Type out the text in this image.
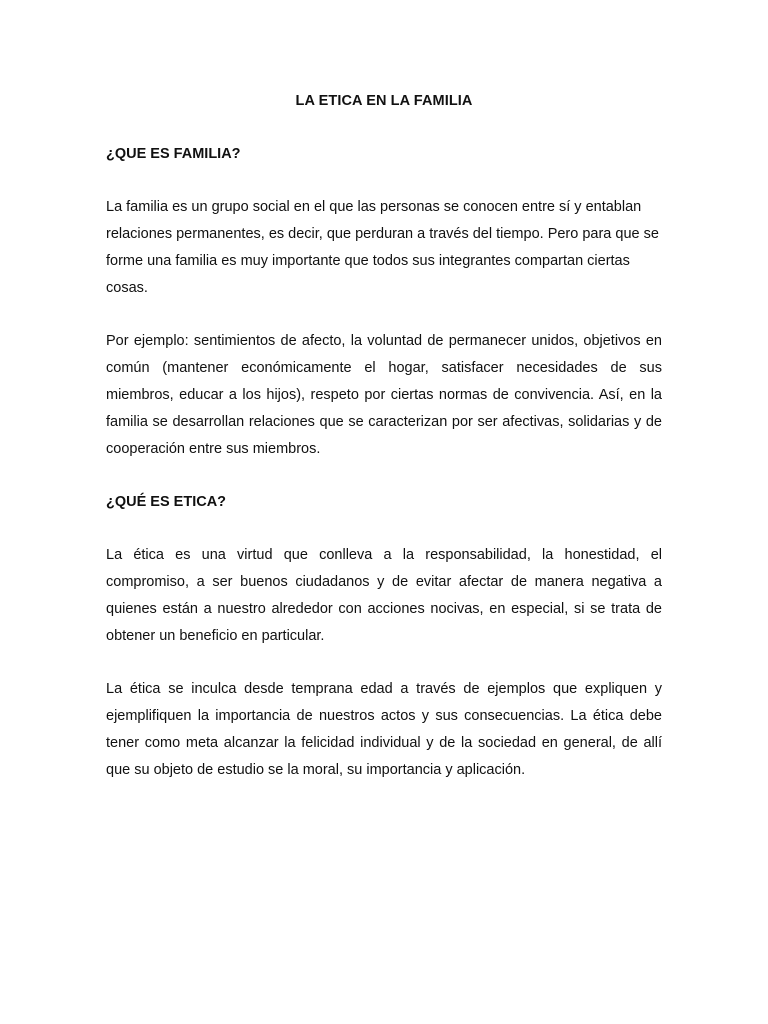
LA ETICA EN LA FAMILIA
¿QUE ES FAMILIA?

La familia es un grupo social en el que las personas se conocen entre sí y entablan relaciones permanentes, es decir, que perduran a través del tiempo. Pero para que se forme una familia es muy importante que todos sus integrantes compartan ciertas cosas.

Por ejemplo: sentimientos de afecto, la voluntad de permanecer unidos, objetivos en común (mantener económicamente el hogar, satisfacer necesidades de sus miembros, educar a los hijos), respeto por ciertas normas de convivencia. Así, en la familia se desarrollan relaciones que se caracterizan por ser afectivas, solidarias y de cooperación entre sus miembros.

¿QUÉ ES ETICA?

La ética es una virtud que conlleva a la responsabilidad, la honestidad, el compromiso, a ser buenos ciudadanos y de evitar afectar de manera negativa a quienes están a nuestro alrededor con acciones nocivas, en especial, si se trata de obtener un beneficio en particular.

La ética se inculca desde temprana edad a través de ejemplos que expliquen y ejemplifiquen la importancia de nuestros actos y sus consecuencias. La ética debe tener como meta alcanzar la felicidad individual y de la sociedad en general, de allí que su objeto de estudio se la moral, su importancia y aplicación.
